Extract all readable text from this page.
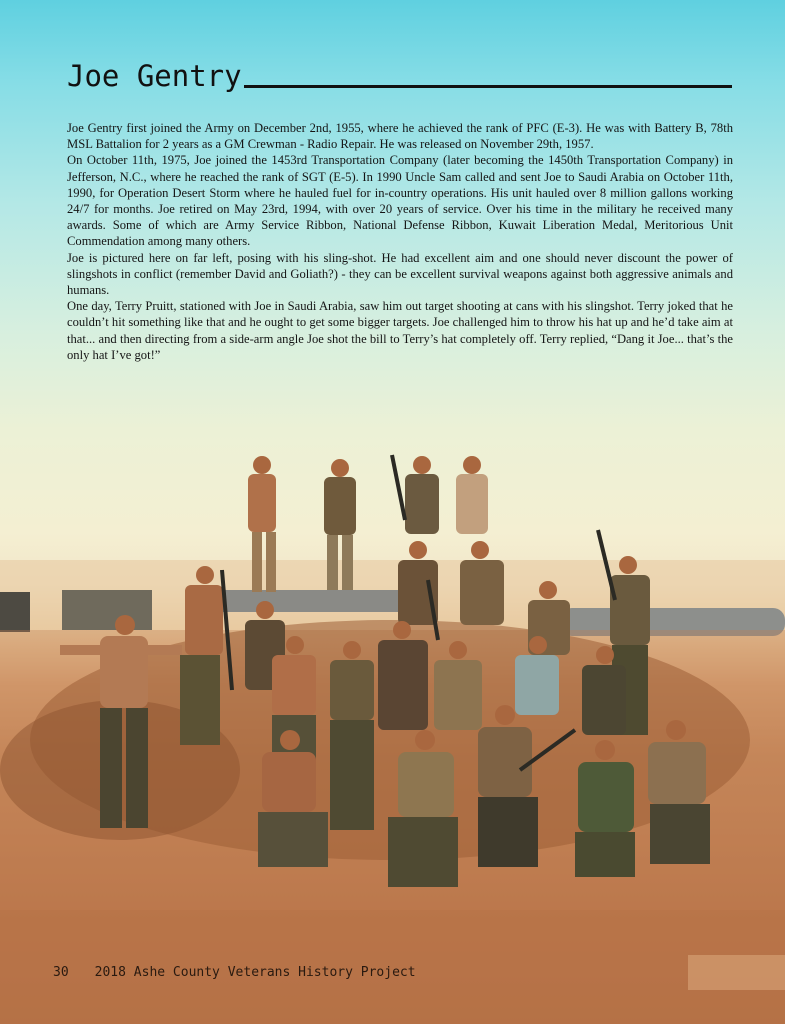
Joe Gentry

Joe Gentry first joined the Army on December 2nd, 1955, where he achieved the rank of PFC (E-3). He was with Battery B, 78th MSL Battalion for 2 years as a GM Crewman - Radio Repair. He was released on November 29th, 1957.

On October 11th, 1975, Joe joined the 1453rd Transportation Company (later becoming the 1450th Transportation Company) in Jefferson, N.C., where he reached the rank of SGT (E-5). In 1990 Uncle Sam called and sent Joe to Saudi Arabia on October 11th, 1990, for Operation Desert Storm where he hauled fuel for in-country operations. His unit hauled over 8 million gallons working 24/7 for months. Joe retired on May 23rd, 1994, with over 20 years of service. Over his time in the military he received many awards. Some of which are Army Service Ribbon, National Defense Ribbon, Kuwait Liberation Medal, Meritorious Unit Commendation among many others.

Joe is pictured here on far left, posing with his sling-shot. He had excellent aim and one should never discount the power of slingshots in conflict (remember David and Goliath?) - they can be excellent survival weapons against both aggressive animals and humans.

One day, Terry Pruitt, stationed with Joe in Saudi Arabia, saw him out target shooting at cans with his slingshot. Terry joked that he couldn’t hit something like that and he ought to get some bigger targets. Joe challenged him to throw his hat up and he’d take aim at that... and then directing from a side-arm angle Joe shot the bill to Terry’s hat completely off. Terry replied, “Dang it Joe... that’s the only hat I’ve got!”

30 2018 Ashe County Veterans History Project
